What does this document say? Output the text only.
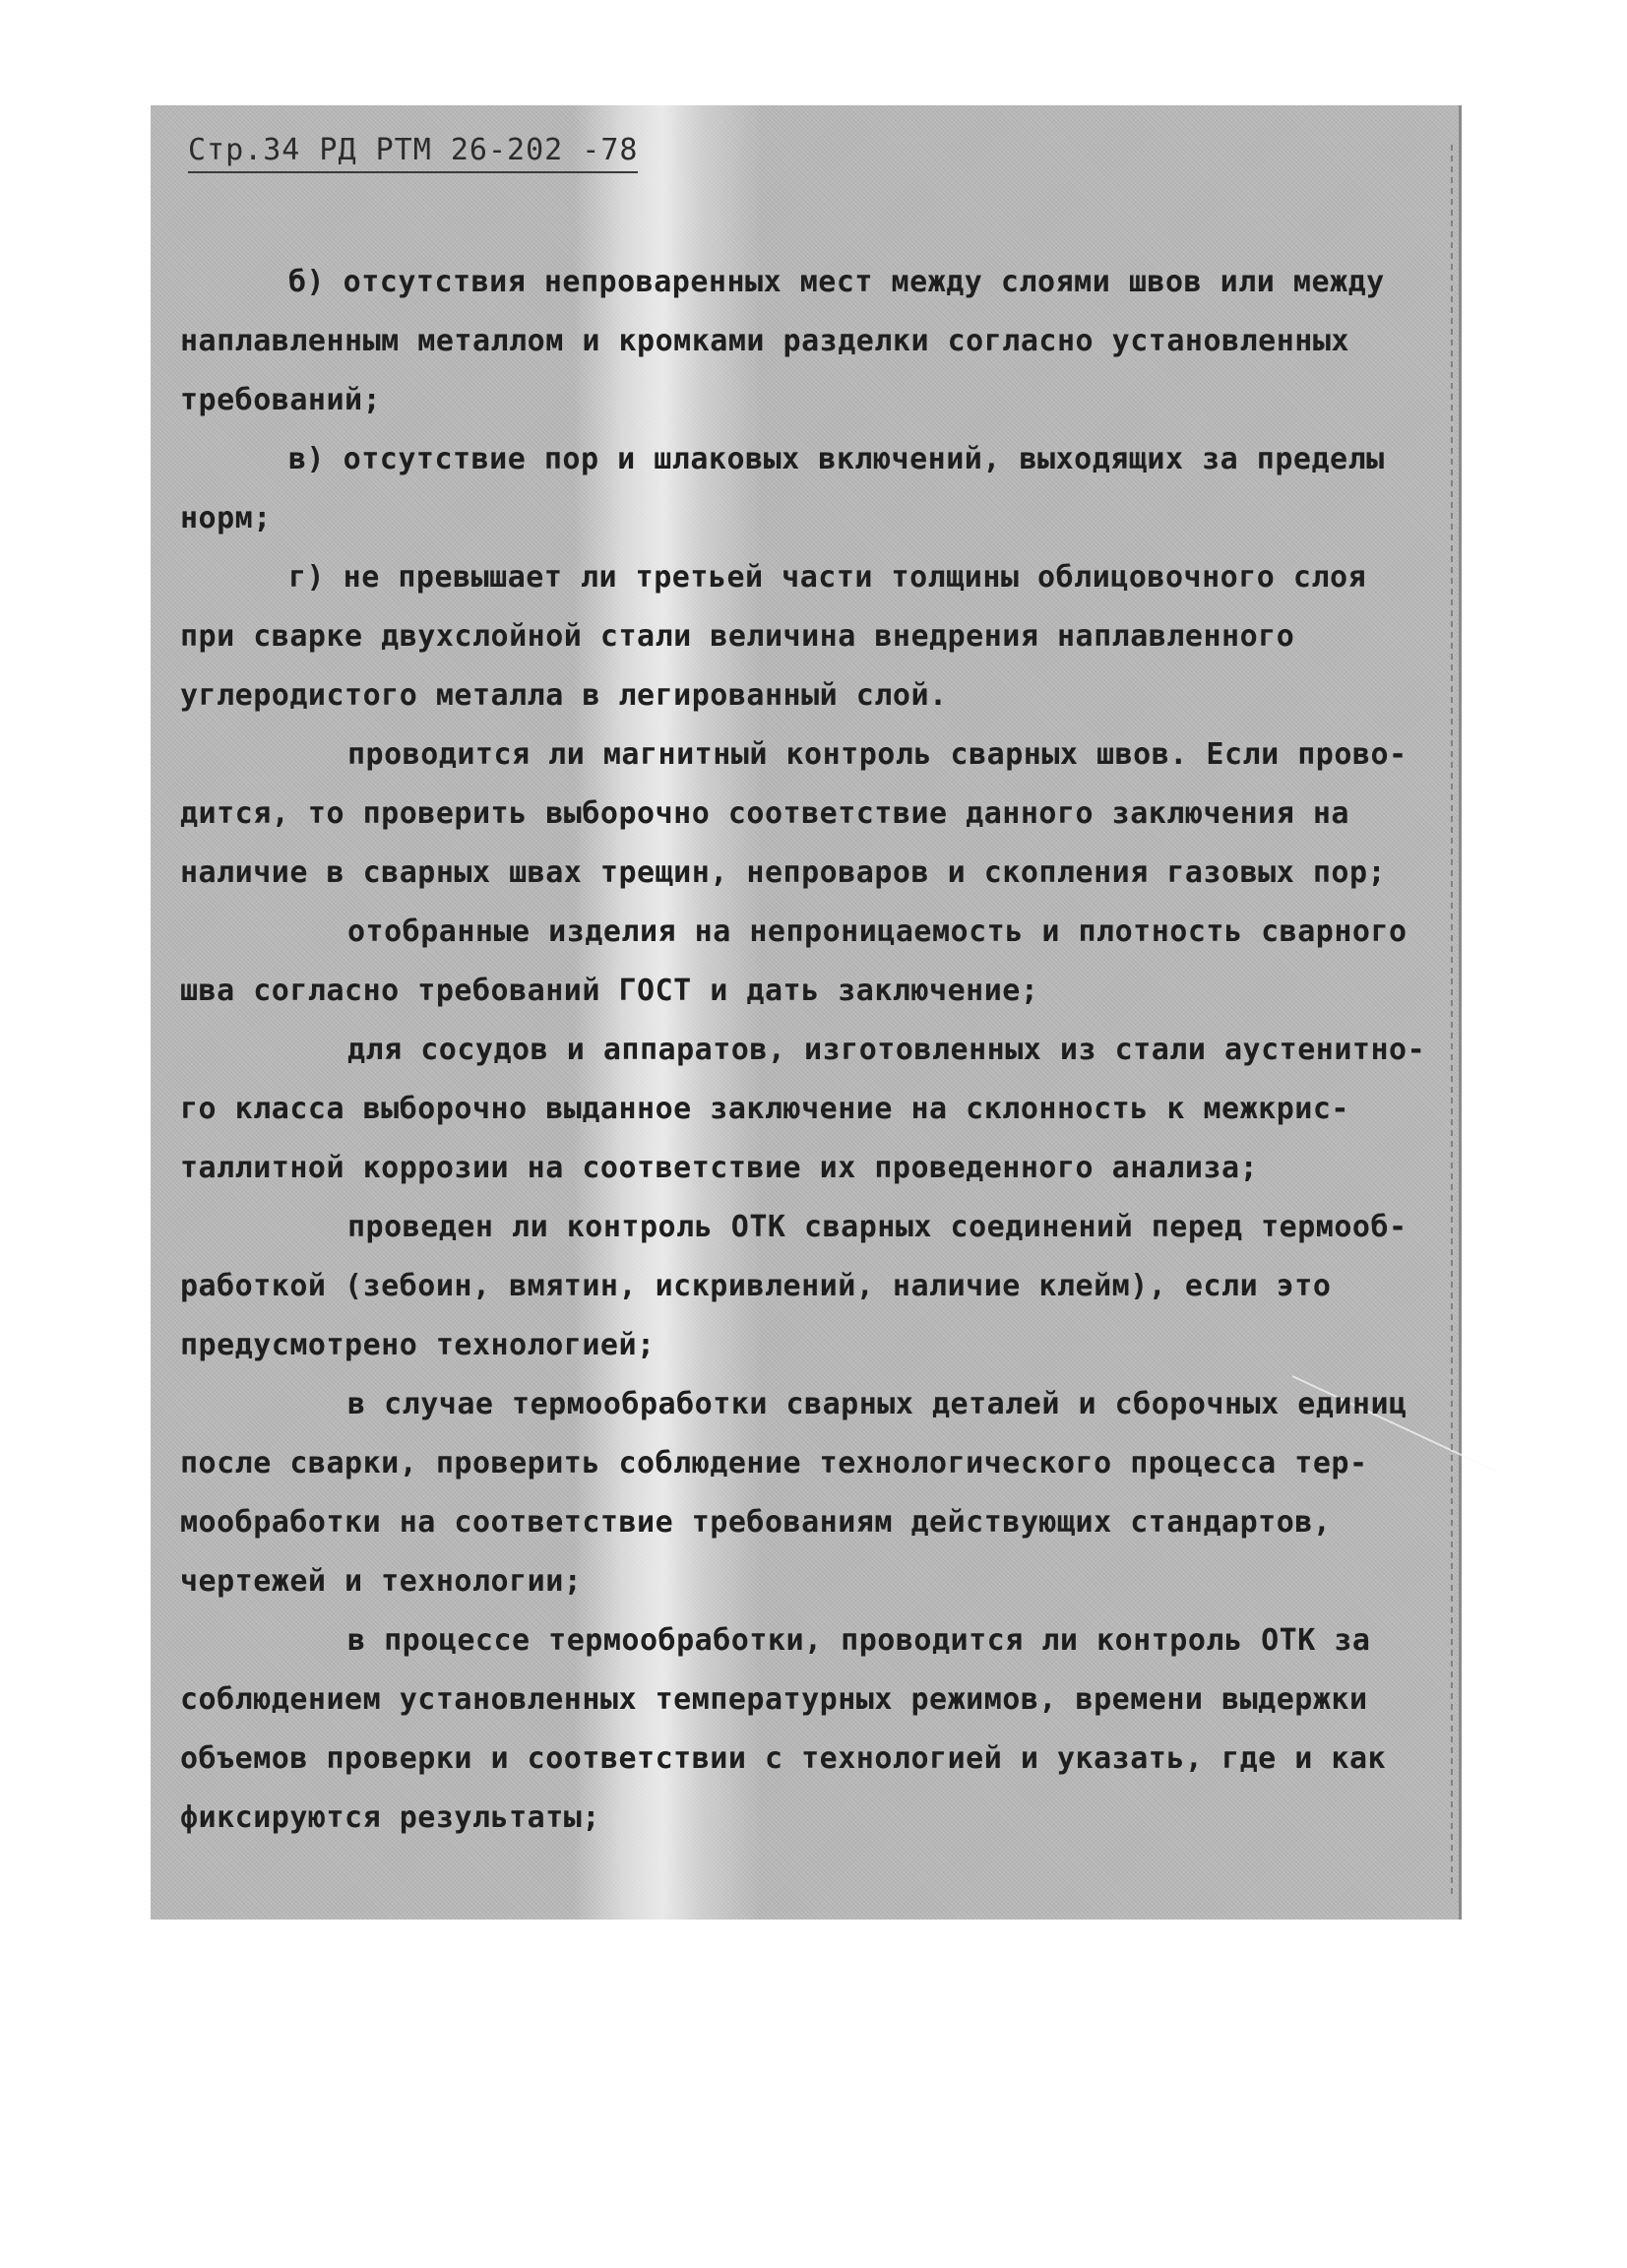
Стр.34 РД РТМ 26-202 -78
б) отсутствия непроваренных мест между слоями швов или между
наплавленным металлом и кромками разделки согласно установленных
требований;
в) отсутствие пор и шлаковых включений, выходящих за пределы
норм;
г) не превышает ли третьей части толщины облицовочного слоя
при сварке двухслойной стали величина внедрения наплавленного
углеродистого металла в легированный слой.
проводится ли магнитный контроль сварных швов. Если прово-
дится, то проверить выборочно соответствие данного заключения на
наличие в сварных швах трещин, непроваров и скопления газовых пор;
отобранные изделия на непроницаемость и плотность сварного
шва согласно требований ГОСТ и дать заключение;
для сосудов и аппаратов, изготовленных из стали аустенитно-
го класса выборочно выданное заключение на склонность к межкрис-
таллитной коррозии на соответствие их проведенного анализа;
проведен ли контроль ОТК сварных соединений перед термооб-
работкой (зебоин, вмятин, искривлений, наличие клейм), если это
предусмотрено технологией;
в случае термообработки сварных деталей и сборочных единиц
после сварки, проверить соблюдение технологического процесса тер-
мообработки на соответствие требованиям действующих стандартов,
чертежей и технологии;
в процессе термообработки, проводится ли контроль ОТК за
соблюдением установленных температурных режимов, времени выдержки
объемов проверки и соответствии с технологией и указать, где и как
фиксируются результаты;
